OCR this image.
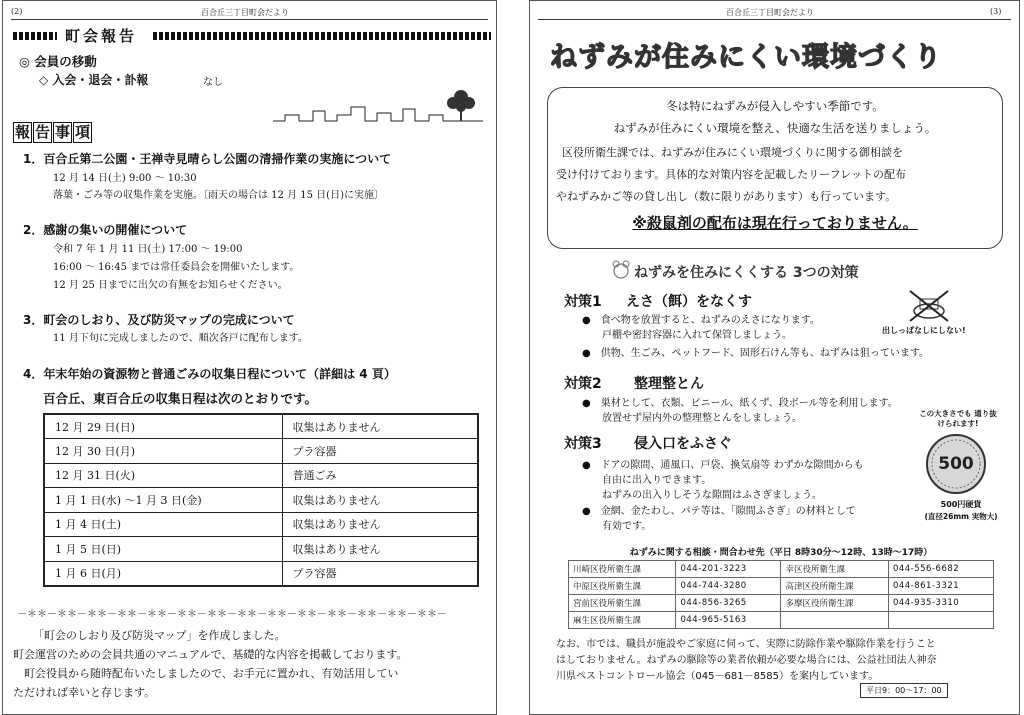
(2)	百合丘三丁目町会だより
町会報告
◎ 会員の移動
◇ 入会・退会・訃報	なし
報 告 事 項
1．百合丘第二公園・王禅寺見晴らし公園の清掃作業の実施について
12 月 14 日(土) 9:00 ～ 10:30
落葉・ごみ等の収集作業を実施。〔雨天の場合は 12 月 15 日(日)に実施〕
2．感謝の集いの開催について
令和 7 年 1 月 11 日(土) 17:00 ～ 19:00
16:00 ～ 16:45 までは常任委員会を開催いたします。
12 月 25 日までに出欠の有無をお知らせください。
3．町会のしおり、及び防災マップの完成について
11 月下旬に完成しましたので、順次各戸に配布します。
4．年末年始の資源物と普通ごみの収集日程について（詳細は 4 頁）
百合丘、東百合丘の収集日程は次のとおりです。
12 月 29 日(日)	収集はありません
12 月 30 日(月)	プラ容器
12 月 31 日(火)	普通ごみ
1 月 1 日(水) ～1 月 3 日(金)	収集はありません
1 月 4 日(土)	収集はありません
1 月 5 日(日)	収集はありません
1 月 6 日(月)	プラ容器
－＊＊－＊＊－＊＊－＊＊－＊＊－＊＊－＊＊－＊＊－＊＊－＊＊－＊＊－＊＊－＊＊－＊＊－
「町会のしおり及び防災マップ」を作成しました。
町会運営のための会員共通のマニュアルで、基礎的な内容を掲載しております。
　町会役員から随時配布いたしましたので、お手元に置かれ、有効活用してい
ただければ幸いと存じます。
百合丘三丁目町会だより	(3)
ねずみが住みにくい環境づくり
冬は特にねずみが侵入しやすい季節です。
ねずみが住みにくい環境を整え、快適な生活を送りましょう。
区役所衛生課では、ねずみが住みにくい環境づくりに関する御相談を
受け付けております。具体的な対策内容を記載したリーフレットの配布
やねずみかご等の貸し出し（数に限りがあります）も行っています。
※殺鼠剤の配布は現在行っておりません。
ねずみを住みにくくする 3つの対策
対策1 えさ（餌）をなくす
●　食べ物を放置すると、ねずみのえさになります。
　　戸棚や密封容器に入れて保管しましょう。
●　供物、生ごみ、ペットフード、固形石けん等も、ねずみは狙っています。
出しっぱなしにしない!
対策2 整理整とん
●　巣材として、衣類、ビニール、紙くず、段ボール等を利用します。
　　放置せず屋内外の整理整とんをしましょう。
対策3 侵入口をふさぐ
●　ドアの隙間、通風口、戸袋、換気扇等 わずかな隙間からも
　　自由に出入りできます。
　　ねずみの出入りしそうな隙間はふさぎましょう。
●　金網、金たわし、パテ等は、「隙間ふさぎ」の材料として
　　有効です。
この大きさでも 通り抜けられます!
500
500円硬貨
(直径26mm 実物大)
ねずみに関する相談・問合わせ先（平日 8時30分～12時、13時～17時）			
川崎区役所衛生課	044-201-3223	幸区役所衛生課	044-556-6682
中原区役所衛生課	044-744-3280	高津区役所衛生課	044-861-3321
宮前区役所衛生課	044-856-3265	多摩区役所衛生課	044-935-3310
麻生区役所衛生課	044-965-5163		
なお、市では、職員が施設やご家庭に伺って、実際に防除作業や駆除作業を行うこと
はしておりません。ねずみの駆除等の業者依頼が必要な場合には、公益社団法人神奈
川県ペストコントロール協会（045－681－8585）を案内しています。
平日9：00～17：00
